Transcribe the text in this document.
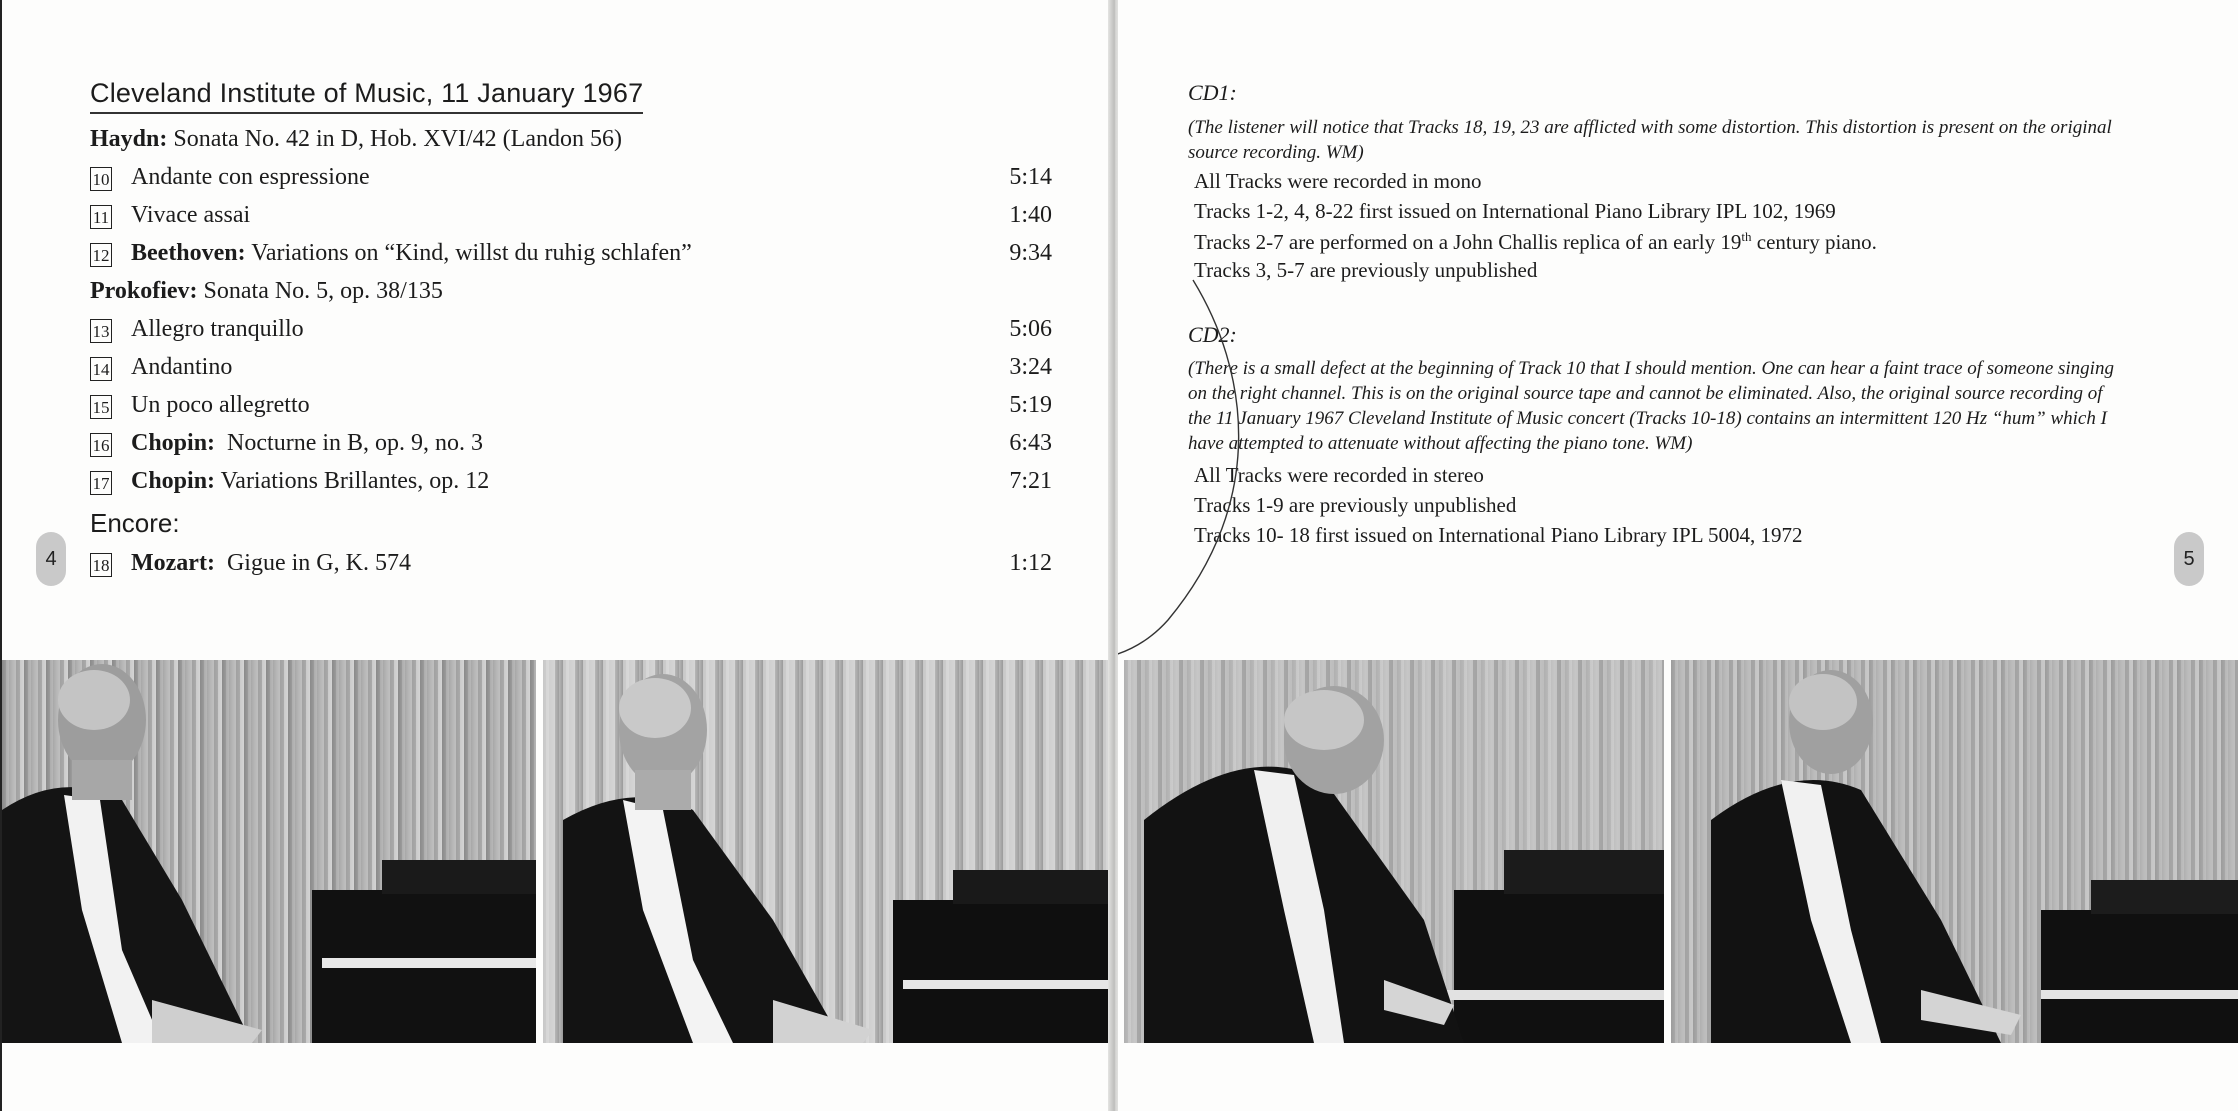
Cleveland Institute of Music, 11 January 1967
Haydn: Sonata No. 42 in D, Hob. XVI/42 (Landon 56)
10 Andante con espressione	5:14
11 Vivace assai	1:40
12 Beethoven: Variations on “Kind, willst du ruhig schlafen”	9:34
Prokofiev: Sonata No. 5, op. 38/135
13 Allegro tranquillo	5:06
14 Andantino	3:24
15 Un poco allegretto	5:19
16 Chopin:  Nocturne in B, op. 9, no. 3	6:43
17 Chopin: Variations Brillantes, op. 12	7:21
Encore:
18 Mozart:  Gigue in G, K. 574	1:12
4
CD1:
(The listener will notice that Tracks 18, 19, 23 are afflicted with some distortion. This distortion is present on the original source recording. WM)
All Tracks were recorded in mono
Tracks 1-2, 4, 8-22 first issued on International Piano Library IPL 102, 1969
Tracks 2-7 are performed on a John Challis replica of an early 19th century piano.
Tracks 3, 5-7 are previously unpublished
CD2:
(There is a small defect at the beginning of Track 10 that I should mention. One can hear a faint trace of someone singing on the right channel. This is on the original source tape and cannot be eliminated. Also, the original source recording of the 11 January 1967 Cleveland Institute of Music concert (Tracks 10-18) contains an intermittent 120 Hz “hum” which I have attempted to attenuate without affecting the piano tone. WM)
All Tracks were recorded in stereo
Tracks 1-9 are previously unpublished
Tracks 10- 18 first issued on International Piano Library IPL 5004, 1972
5
